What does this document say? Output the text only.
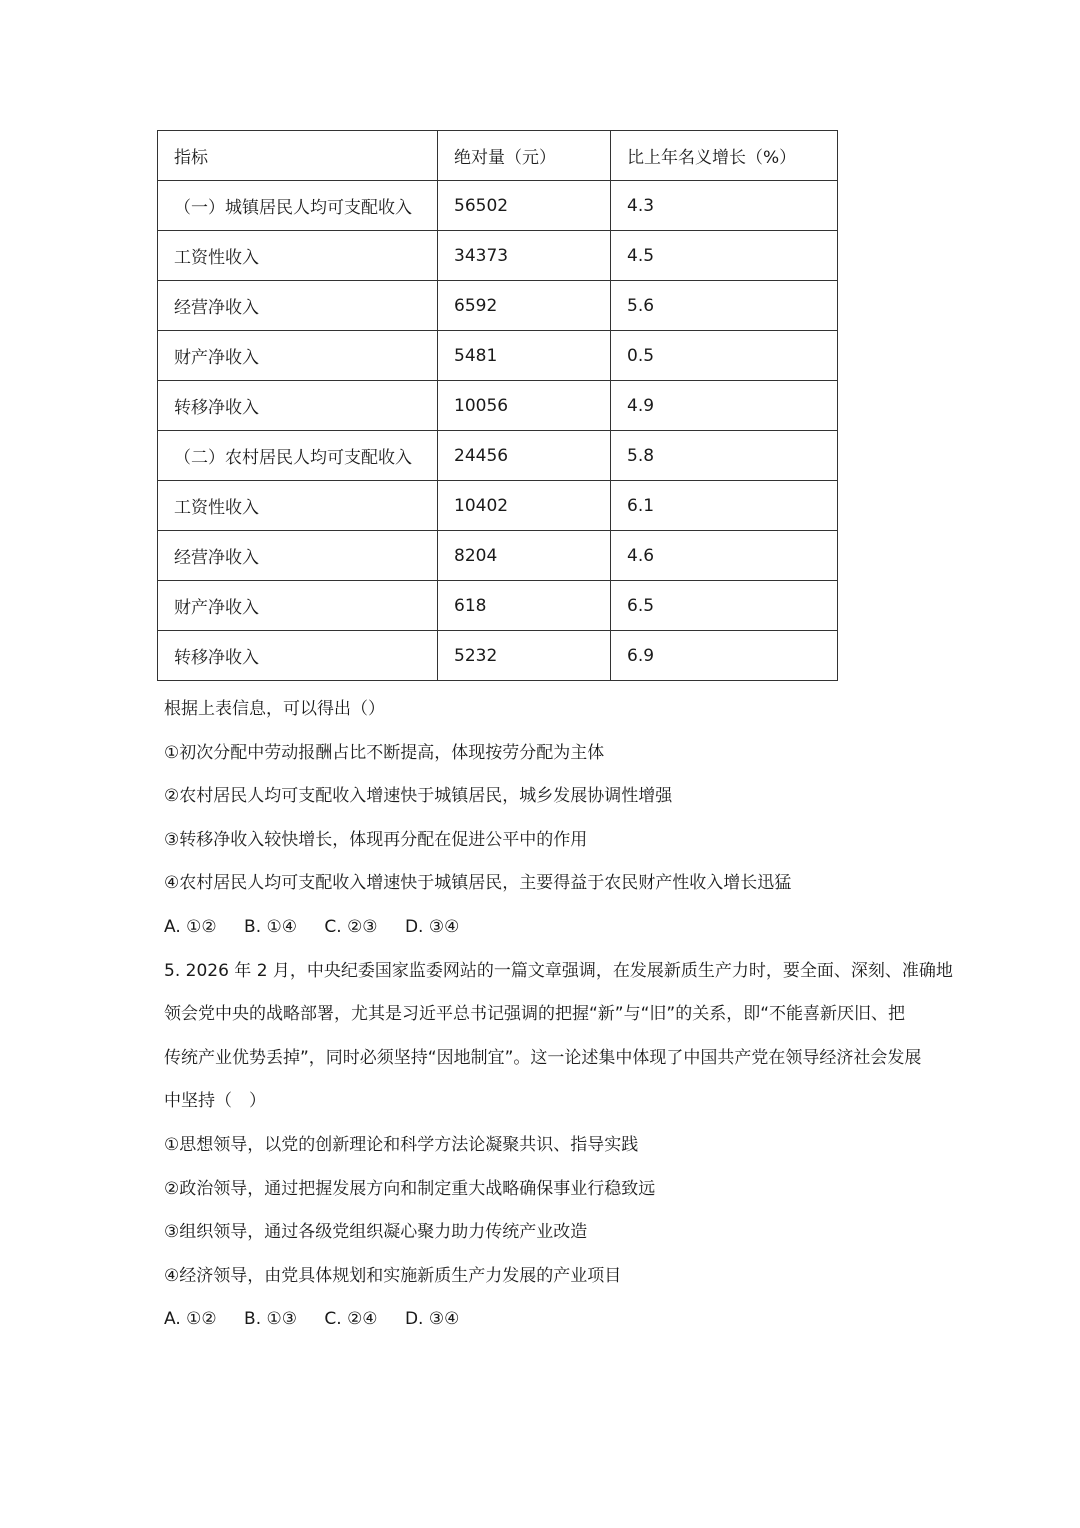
指标	绝对量（元）	比上年名义增长（%）
（一）城镇居民人均可支配收入	56502	4.3
工资性收入	34373	4.5
经营净收入	6592	5.6
财产净收入	5481	0.5
转移净收入	10056	4.9
（二）农村居民人均可支配收入	24456	5.8
工资性收入	10402	6.1
经营净收入	8204	4.6
财产净收入	618	6.5
转移净收入	5232	6.9
根据上表信息，可以得出（）
①初次分配中劳动报酬占比不断提高，体现按劳分配为主体
②农村居民人均可支配收入增速快于城镇居民，城乡发展协调性增强
③转移净收入较快增长，体现再分配在促进公平中的作用
④农村居民人均可支配收入增速快于城镇居民，主要得益于农民财产性收入增长迅猛
A. ①② B. ①④ C. ②③ D. ③④
5. 2026 年 2 月，中央纪委国家监委网站的一篇文章强调，在发展新质生产力时，要全面、深刻、准确地
领会党中央的战略部署，尤其是习近平总书记强调的把握“新”与“旧”的关系，即“不能喜新厌旧、把
传统产业优势丢掉”，同时必须坚持“因地制宜”。这一论述集中体现了中国共产党在领导经济社会发展
中坚持（　）
①思想领导，以党的创新理论和科学方法论凝聚共识、指导实践
②政治领导，通过把握发展方向和制定重大战略确保事业行稳致远
③组织领导，通过各级党组织凝心聚力助力传统产业改造
④经济领导，由党具体规划和实施新质生产力发展的产业项目
A. ①② B. ①③ C. ②④ D. ③④
